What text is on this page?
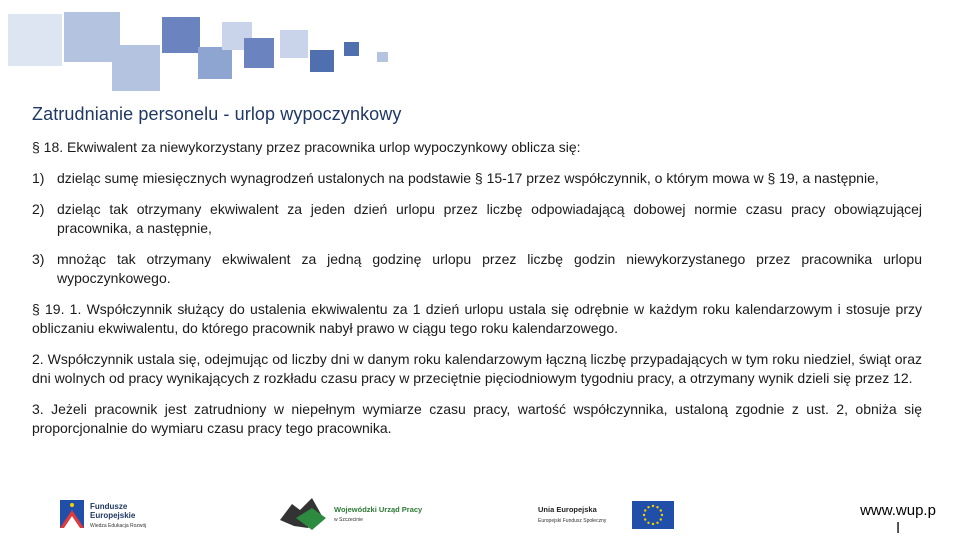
Zatrudnianie personelu - urlop wypoczynkowy

§ 18. Ekwiwalent za niewykorzystany przez pracownika urlop wypoczynkowy oblicza się:

1) dzieląc sumę miesięcznych wynagrodzeń ustalonych na podstawie § 15-17 przez współczynnik, o którym mowa w § 19, a następnie,
2) dzieląc tak otrzymany ekwiwalent za jeden dzień urlopu przez liczbę odpowiadającą dobowej normie czasu pracy obowiązującej pracownika, a następnie,
3) mnożąc tak otrzymany ekwiwalent za jedną godzinę urlopu przez liczbę godzin niewykorzystanego przez pracownika urlopu wypoczynkowego.

§ 19. 1. Współczynnik służący do ustalenia ekwiwalentu za 1 dzień urlopu ustala się odrębnie w każdym roku kalendarzowym i stosuje przy obliczaniu ekwiwalentu, do którego pracownik nabył prawo w ciągu tego roku kalendarzowego.

2. Współczynnik ustala się, odejmując od liczby dni w danym roku kalendarzowym łączną liczbę przypadających w tym roku niedziel, świąt oraz dni wolnych od pracy wynikających z rozkładu czasu pracy w przeciętnie pięciodniowym tygodniu pracy, a otrzymany wynik dzieli się przez 12.

3. Jeżeli pracownik jest zatrudniony w niepełnym wymiarze czasu pracy, wartość współczynnika, ustaloną zgodnie z ust. 2, obniża się proporcjonalnie do wymiaru czasu pracy tego pracownika.

Fundusze
Europejskie
Wiedza Edukacja Rozwój
Wojewódzki Urząd Pracy
w Szczecinie
Unia Europejska
Europejski Fundusz Społeczny
www.wup.p
l
